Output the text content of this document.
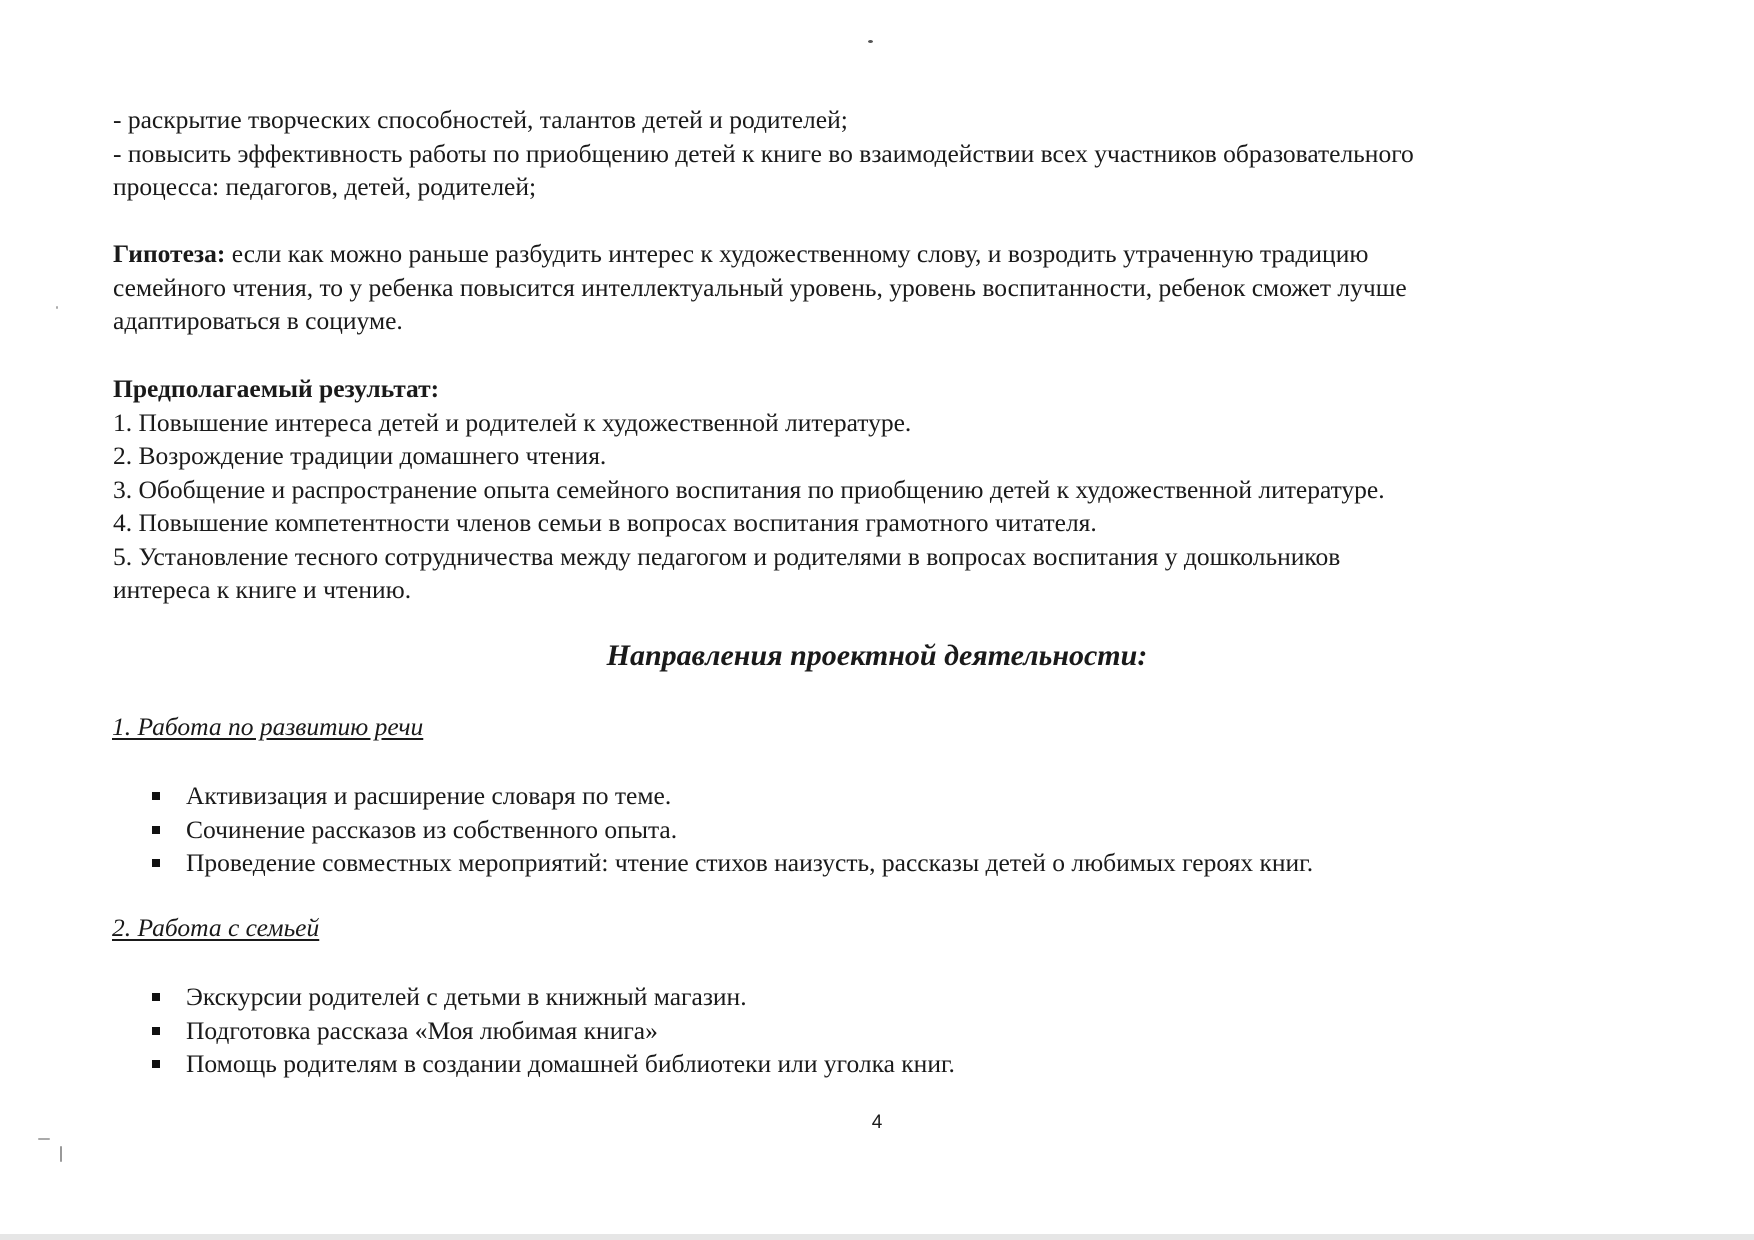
- раскрытие творческих способностей, талантов детей и родителей;

- повысить эффективность работы по приобщению детей к книге во взаимодействии всех участников образовательного

процесса: педагогов, детей, родителей;

Гипотеза: если как можно раньше разбудить интерес к художественному слову, и возродить утраченную традицию

семейного чтения, то у ребенка повысится интеллектуальный уровень, уровень воспитанности, ребенок сможет лучше

адаптироваться в социуме.

Предполагаемый результат:

1. Повышение интереса детей и родителей к художественной литературе.

2. Возрождение традиции домашнего чтения.

3. Обобщение и распространение опыта семейного воспитания по приобщению детей к художественной литературе.

4. Повышение компетентности членов семьи в вопросах воспитания грамотного читателя.

5. Установление тесного сотрудничества между педагогом и родителями в вопросах воспитания у дошкольников

интереса к книге и чтению.

Направления проектной деятельности:
1. Работа по развитию речи
Активизация и расширение словаря по теме.
Сочинение рассказов из собственного опыта.
Проведение совместных мероприятий: чтение стихов наизусть, рассказы детей о любимых героях книг.
2. Работа с семьей
Экскурсии родителей с детьми в книжный магазин.
Подготовка рассказа «Моя любимая книга»
Помощь родителям в создании домашней библиотеки или уголка книг.
4
